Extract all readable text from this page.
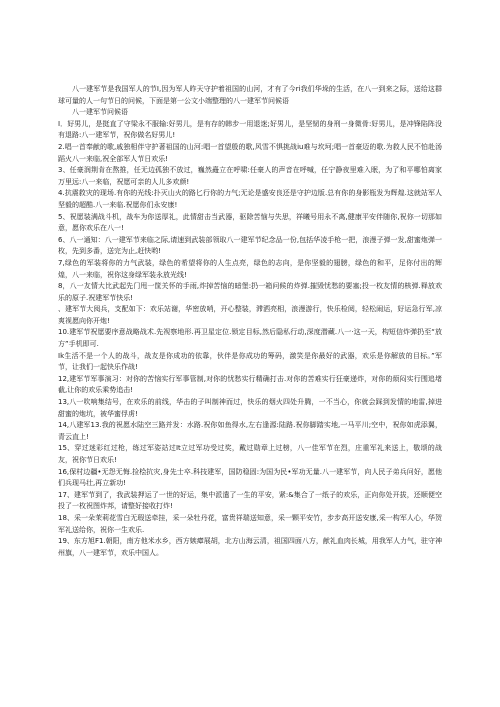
八一建军节是我国军人的节Ⅰ,因为军人昨天守护着祖国的山河，才有了今ri我们华垛的生活，在八一到来之际，送给这群球可量的人一句节日的问候，下面是第一公文小端整理的八一建军节问候语

八一建军节问候语

I．好男儿，是挺直了守梁永不服输:好男儿，是有存的韩步一用退迷;好男儿，是坚韧的身刑一身微骨:好男儿，是冲锋陷阵没有退路:八一建军节，祝你做名好男儿!

2.唱一首奉献的歌,戚独相伴守护著祖国的山河:唱一首望殷的歌,风雪不惧挑战iu难与坎坷;唱一首豪迈的歌.为救人民不怕赴汤蹈火八一来临,祝全部军人节日欢乐!

3、任豪润荆肯在熬推，任无边孤独不放过，巍然矗立在呼啸:任豪人的声音在呼喊，任宁静夜里难入眠，为了和平哪怕离家万里远:八一来临，祝愿可亲的人儿多欢颜!

4.抗震救灾的现场.有你的光线:扑灭山火的路匕行你的力气;无论是盛安良还是守护边版.总有你的身影瓶发为辉煌.这就站军人坚毅的超酷.八一来临.祝愿你们永安康!

5、祝愿装满战斗机，战车为你送厚礼，此情甜击当武器，驱除苦恼与失思，祥曦号用永不离,健康平安伴随你,祝你一切那如意，愿你欢乐在八一!

6、八一通知：八一建军节来临之际,请速到武装部领取八一建军节纪念品一份,包括华凌手枪一把，浪漫子弹一发,甜蜜炮弹一枚，先到多番，送完为止,赶快哟!

7,绿色的军装将你的力气武装，绿色的希望将你的人生点亮，绿色的志向，是你坚毅的翅膀，绿色的和平，足你付出的辉煌，八一来临，祝你这身绿军装永放光线!

8，八一友情大比武起先门甩一筐关怀的手雨,炸掉苦恼的暗堡:扔一箱问候的炸弹.摧毁忧愁的要塞;投一枚友情的核弹.释放欢乐的原子.祝建军节快乐!

、建军节大阅兵，支配如下：欢乐站谢，华密放哨，开心整装，滞洒亮相，浪漫游行，快乐检阅，轻松闹运，好运急行军,凉爽视愿向你开炮!

10.建军节祝愿要序意战略战术.先视察地形.再卫星定位.锁定目标,然后隐私行动,深度潜藏.八一·这一天，构短信炸弹扔至“放方”手机即可.

Ik生活不是一个人的战斗，战友是你成功的依靠，伙伴是你成功的筹码，激笑是你最好的武器，欢乐是你解放的目标。”军节，让我们一起快乐作战!

12,建军节军事演习：对你的苦恼实行军事管制,对你的忧愁实行精确打击.对你的苦难实行狂豪递炸，对你的烦闷实行围追堵截,让你的欢乐乘势追击!

13,八一吹响集结号，在欢乐的前线，华击的子叫制神而过，快乐的烟火四处升腾，一不当心，你就会踩到发情的地雷,掉进甜蜜的炮坑，被华蜜俘虏!

14,八建军13.我的祝愿水陆空三路并发：水路.祝你如鱼得水,左右逢源:陆路.祝你脚踏实地,一马平川;空中，祝你如虎添翼，青云直上!

15、穿过迷彩红过枪，练过军姿站过It立过军功受过奖，戴过勋章上过榜，八一佳军节在烈，庄重军礼来送上，敬颂的战友，祝你节日欢乐!

16,保村边疆•无怨无悔.捡桧抗灾,身先士卒.科技建军，国防稳固:为国为民•军功无量.八一建军节，向人民子弟兵问好，愿他们兵现马壮,再立新功!

17、建军节到了，我武装押运了一世的好运，集中派遣了一生的平安，紧:&集合了一纸子的欢乐，正向你处开拔，还顺便空投了一枚祝图炸邦，请整好接收打炸!

18、采一朵茉莉花雪白无瑕送牵挂，采一朵牡丹花，富贵祥瑞送知意，采一颗平安竹，步步高开送安康,采一构军人心，华贺军礼送给你，祝你一生欢乐.

19、东方旭F1.朝阳，南方他米水乡，西方嫉瘴展胡，北方山海云清，祖国四面八方，献礼血肉长城，用我军人力气，驻守神州旗，八一建军节，欢乐中国人。
